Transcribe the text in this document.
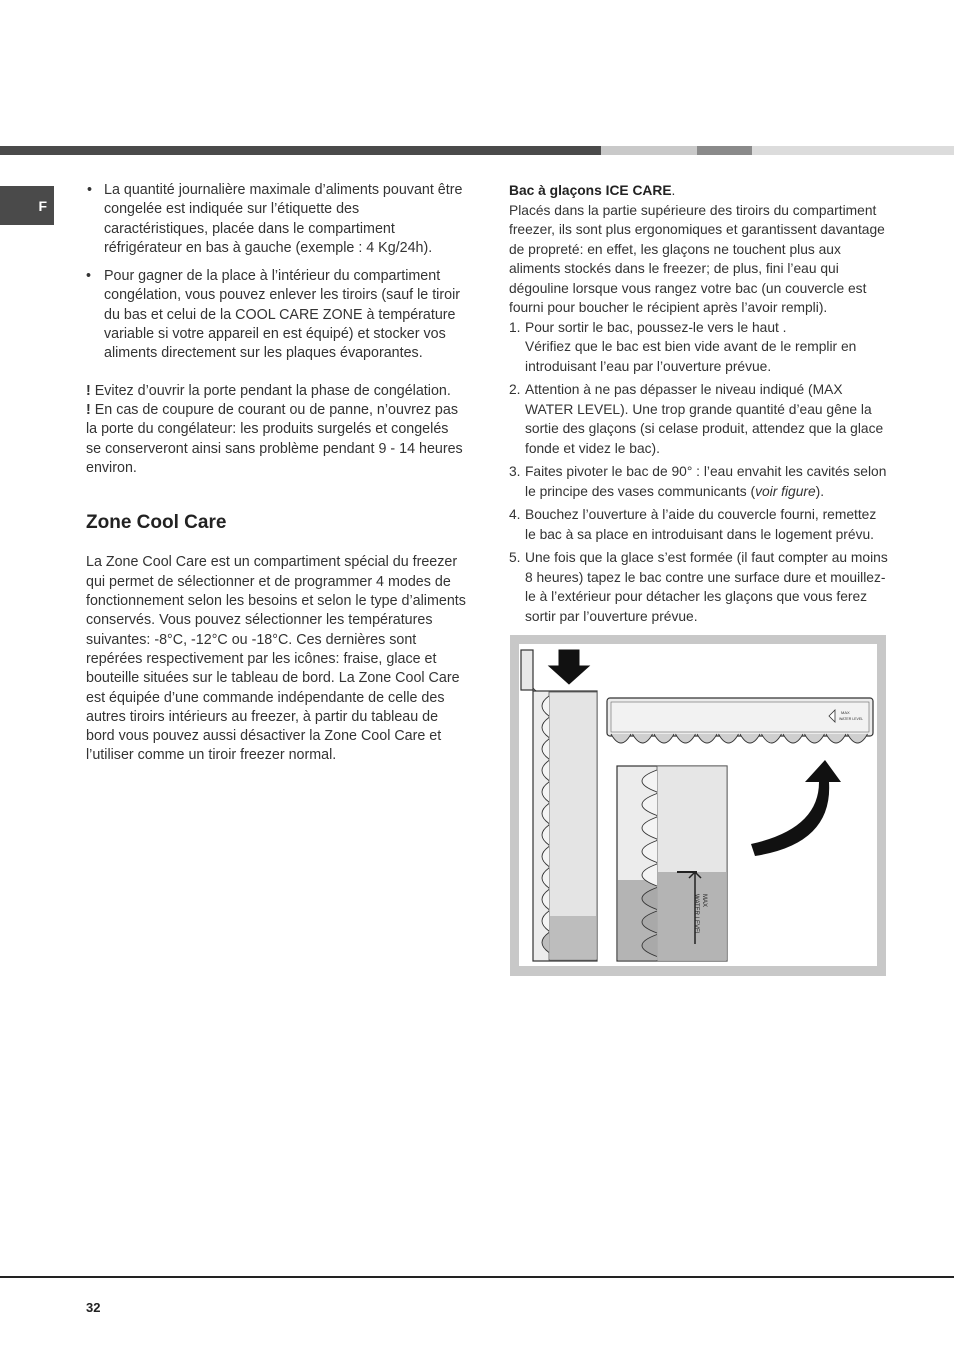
F
• La quantité journalière maximale d’aliments pouvant être congelée est indiquée sur l’étiquette des caractéristiques, placée dans le compartiment réfrigérateur en bas à gauche (exemple : 4 Kg/24h).
• Pour gagner de la place à l’intérieur du compartiment congélation, vous pouvez enlever les tiroirs (sauf le tiroir du bas et celui de la COOL CARE ZONE à température variable si votre appareil en est équipé) et stocker vos aliments directement sur les plaques évaporantes.

! Evitez d’ouvrir la porte pendant la phase de congélation.

! En cas de coupure de courant ou de panne, n’ouvrez pas la porte du congélateur: les produits surgelés et congelés se conserveront ainsi sans problème pendant 9 - 14 heures environ.

Zone Cool Care

La Zone Cool Care est un compartiment spécial du freezer qui permet de sélectionner et de programmer 4 modes de fonctionnement selon les besoins et selon le type d’aliments conservés. Vous pouvez sélectionner les températures suivantes: -8°C, -12°C ou -18°C. Ces dernières sont repérées respectivement par les icônes: fraise, glace et bouteille situées sur le tableau de bord. La Zone Cool Care est équipée d’une commande indépendante de celle des autres tiroirs intérieurs au freezer, à partir du tableau de bord vous pouvez aussi désactiver la Zone Cool Care et l’utiliser comme un tiroir freezer normal.

Bac à glaçons ICE CARE.
Placés dans la partie supérieure des tiroirs du compartiment freezer, ils sont plus ergonomiques et garantissent davantage de propreté: en effet, les glaçons ne touchent plus aux aliments stockés dans le freezer; de plus, fini l’eau qui dégouline lorsque vous rangez votre bac (un couvercle est fourni pour boucher le récipient après l’avoir rempli).

1. Pour sortir le bac, poussez-le vers le haut .
Vérifiez que le bac est bien vide avant de le remplir en introduisant l’eau par l’ouverture prévue.
2. Attention à ne pas dépasser le niveau indiqué (MAX WATER LEVEL). Une trop grande quantité d’eau gêne la sortie des glaçons (si celase produit, attendez que la glace fonde et videz le bac).
3. Faites pivoter le bac de 90° : l’eau envahit les cavités selon le principe des vases communicants (voir figure).
4. Bouchez l’ouverture à l’aide du couvercle fourni, remettez le bac à sa place en introduisant dans le logement prévu.
5. Une fois que la glace s’est formée (il faut compter au moins 8 heures) tapez le bac contre une surface dure et mouillez-le à l’extérieur pour détacher les glaçons que vous ferez sortir par l’ouverture prévue.
MAX
WATER LEVEL
MAX
WATER LEVEL
32
